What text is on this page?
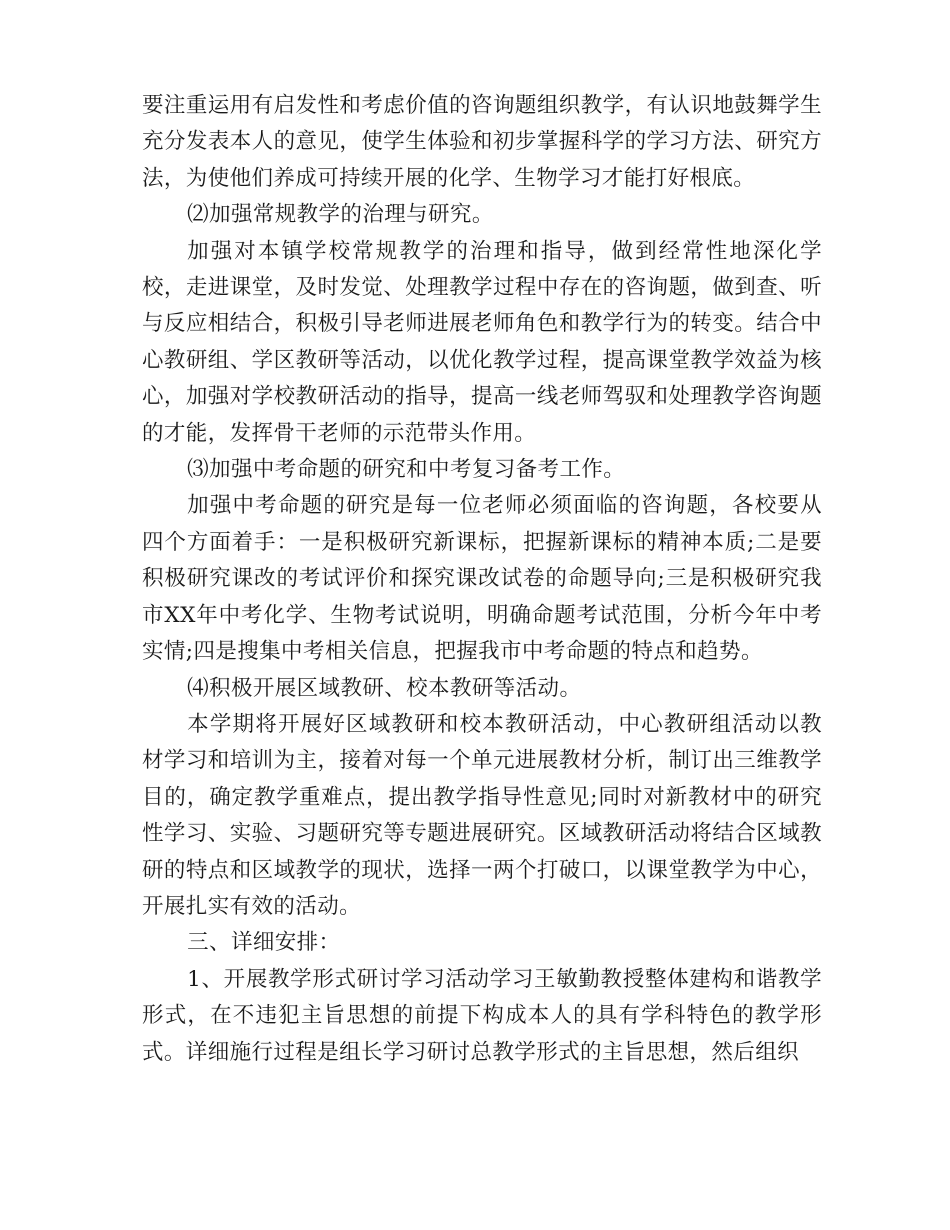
要注重运用有启发性和考虑价值的咨询题组织教学，有认识地鼓舞学生充分发表本人的意见，使学生体验和初步掌握科学的学习方法、研究方法，为使他们养成可持续开展的化学、生物学习才能打好根底。

⑵加强常规教学的治理与研究。

加强对本镇学校常规教学的治理和指导，做到经常性地深化学校，走进课堂，及时发觉、处理教学过程中存在的咨询题，做到查、听与反应相结合，积极引导老师进展老师角色和教学行为的转变。结合中心教研组、学区教研等活动，以优化教学过程，提高课堂教学效益为核心，加强对学校教研活动的指导，提高一线老师驾驭和处理教学咨询题的才能，发挥骨干老师的示范带头作用。

⑶加强中考命题的研究和中考复习备考工作。

加强中考命题的研究是每一位老师必须面临的咨询题，各校要从四个方面着手：一是积极研究新课标，把握新课标的精神本质;二是要积极研究课改的考试评价和探究课改试卷的命题导向;三是积极研究我市XX年中考化学、生物考试说明，明确命题考试范围，分析今年中考实情;四是搜集中考相关信息，把握我市中考命题的特点和趋势。

⑷积极开展区域教研、校本教研等活动。

本学期将开展好区域教研和校本教研活动，中心教研组活动以教材学习和培训为主，接着对每一个单元进展教材分析，制订出三维教学目的，确定教学重难点，提出教学指导性意见;同时对新教材中的研究性学习、实验、习题研究等专题进展研究。区域教研活动将结合区域教研的特点和区域教学的现状，选择一两个打破口，以课堂教学为中心，开展扎实有效的活动。

三、详细安排：

1、开展教学形式研讨学习活动学习王敏勤教授整体建构和谐教学形式，在不违犯主旨思想的前提下构成本人的具有学科特色的教学形式。详细施行过程是组长学习研讨总教学形式的主旨思想，然后组织
